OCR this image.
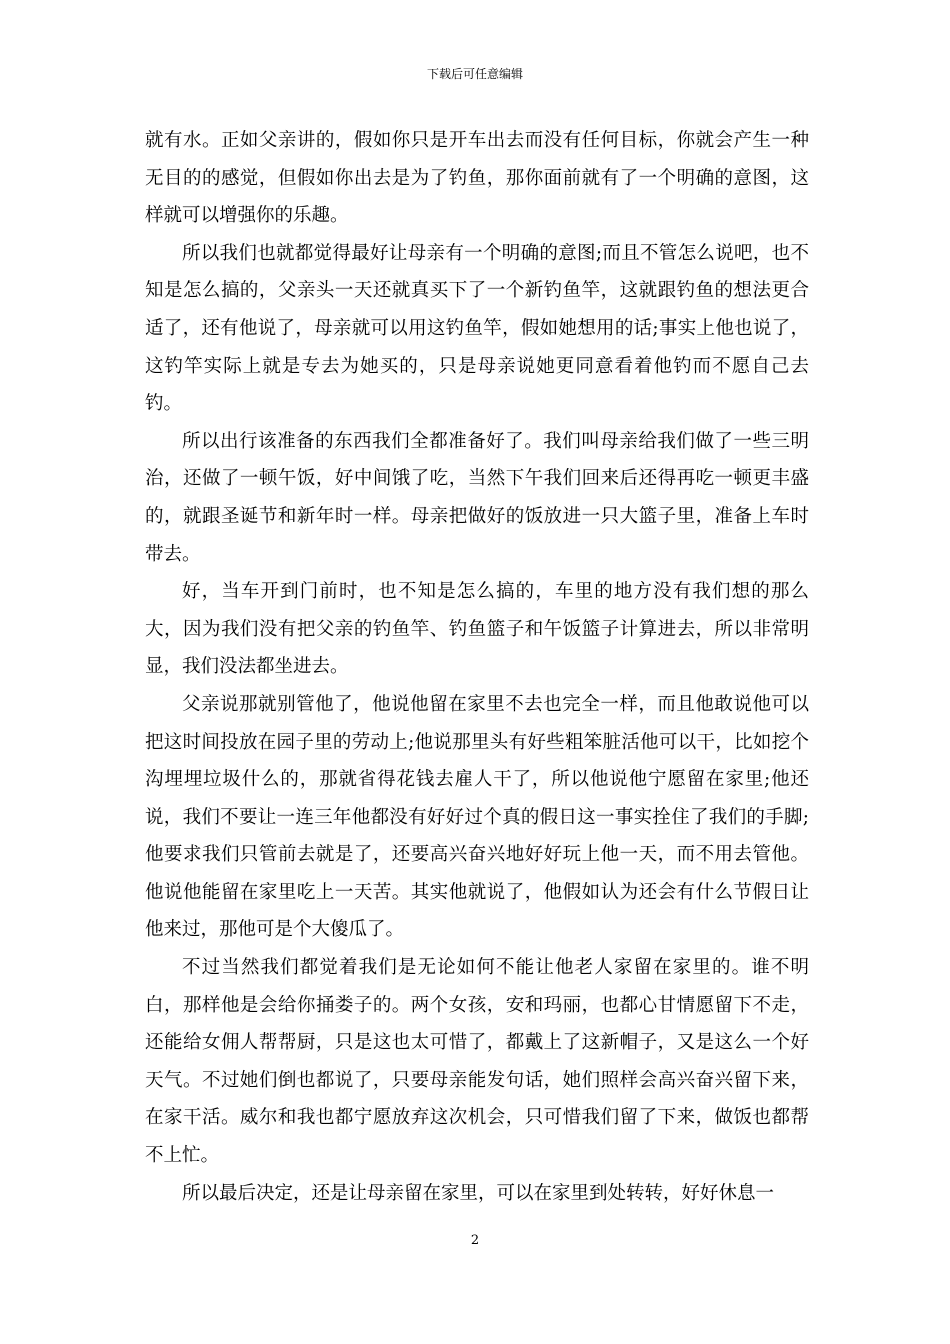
下载后可任意编辑

就有水。正如父亲讲的，假如你只是开车出去而没有任何目标，你就会产生一种无目的的感觉，但假如你出去是为了钓鱼，那你面前就有了一个明确的意图，这样就可以增强你的乐趣。

所以我们也就都觉得最好让母亲有一个明确的意图;而且不管怎么说吧，也不知是怎么搞的，父亲头一天还就真买下了一个新钓鱼竿，这就跟钓鱼的想法更合适了，还有他说了，母亲就可以用这钓鱼竿，假如她想用的话;事实上他也说了，这钓竿实际上就是专去为她买的，只是母亲说她更同意看着他钓而不愿自己去钓。

所以出行该准备的东西我们全都准备好了。我们叫母亲给我们做了一些三明治，还做了一顿午饭，好中间饿了吃，当然下午我们回来后还得再吃一顿更丰盛的，就跟圣诞节和新年时一样。母亲把做好的饭放进一只大篮子里，准备上车时带去。

好，当车开到门前时，也不知是怎么搞的，车里的地方没有我们想的那么大，因为我们没有把父亲的钓鱼竿、钓鱼篮子和午饭篮子计算进去，所以非常明显，我们没法都坐进去。

父亲说那就别管他了，他说他留在家里不去也完全一样，而且他敢说他可以把这时间投放在园子里的劳动上;他说那里头有好些粗笨脏活他可以干，比如挖个沟埋埋垃圾什么的，那就省得花钱去雇人干了，所以他说他宁愿留在家里;他还说，我们不要让一连三年他都没有好好过个真的假日这一事实拴住了我们的手脚;他要求我们只管前去就是了，还要高兴奋兴地好好玩上他一天，而不用去管他。他说他能留在家里吃上一天苦。其实他就说了，他假如认为还会有什么节假日让他来过，那他可是个大傻瓜了。

不过当然我们都觉着我们是无论如何不能让他老人家留在家里的。谁不明白，那样他是会给你捅娄子的。两个女孩，安和玛丽，也都心甘情愿留下不走，还能给女佣人帮帮厨，只是这也太可惜了，都戴上了这新帽子，又是这么一个好天气。不过她们倒也都说了，只要母亲能发句话，她们照样会高兴奋兴留下来，在家干活。威尔和我也都宁愿放弃这次机会，只可惜我们留了下来，做饭也都帮不上忙。

所以最后决定，还是让母亲留在家里，可以在家里到处转转，好好休息一

2
